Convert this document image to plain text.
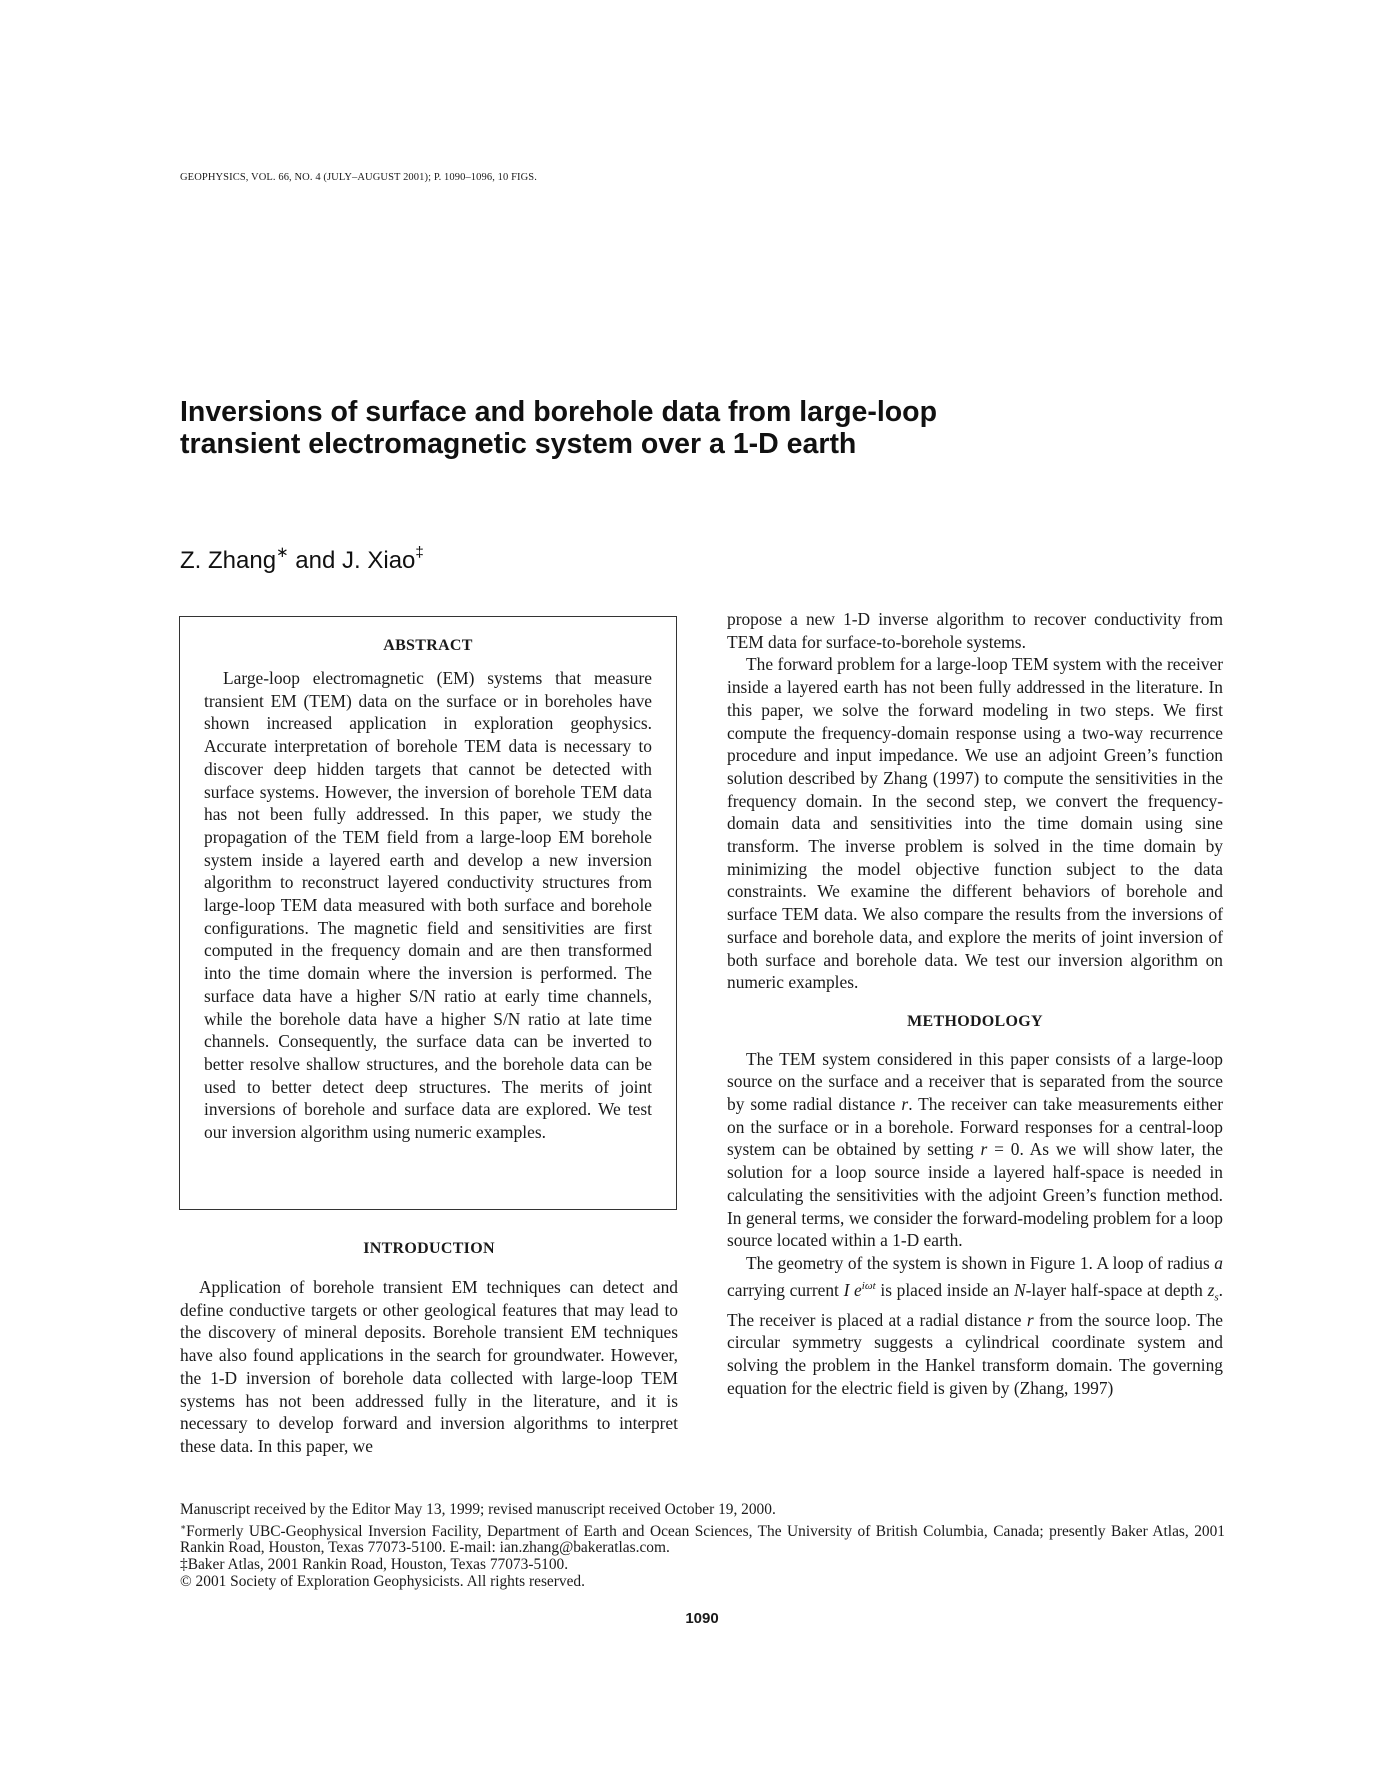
GEOPHYSICS, VOL. 66, NO. 4 (JULY–AUGUST 2001); P. 1090–1096, 10 FIGS.
Inversions of surface and borehole data from large-loop
transient electromagnetic system over a 1-D earth
Z. Zhang∗ and J. Xiao‡
ABSTRACT

Large-loop electromagnetic (EM) systems that measure transient EM (TEM) data on the surface or in boreholes have shown increased application in exploration geophysics. Accurate interpretation of borehole TEM data is necessary to discover deep hidden targets that cannot be detected with surface systems. However, the inversion of borehole TEM data has not been fully addressed. In this paper, we study the propagation of the TEM field from a large-loop EM borehole system inside a layered earth and develop a new inversion algorithm to reconstruct layered conductivity structures from large-loop TEM data measured with both surface and borehole configurations. The magnetic field and sensitivities are first computed in the frequency domain and are then transformed into the time domain where the inversion is performed. The surface data have a higher S/N ratio at early time channels, while the borehole data have a higher S/N ratio at late time channels. Consequently, the surface data can be inverted to better resolve shallow structures, and the borehole data can be used to better detect deep structures. The merits of joint inversions of borehole and surface data are explored. We test our inversion algorithm using numeric examples.

INTRODUCTION

Application of borehole transient EM techniques can detect and define conductive targets or other geological features that may lead to the discovery of mineral deposits. Borehole transient EM techniques have also found applications in the search for groundwater. However, the 1-D inversion of borehole data collected with large-loop TEM systems has not been addressed fully in the literature, and it is necessary to develop forward and inversion algorithms to interpret these data. In this paper, we

propose a new 1-D inverse algorithm to recover conductivity from TEM data for surface-to-borehole systems.

The forward problem for a large-loop TEM system with the receiver inside a layered earth has not been fully addressed in the literature. In this paper, we solve the forward modeling in two steps. We first compute the frequency-domain response using a two-way recurrence procedure and input impedance. We use an adjoint Green’s function solution described by Zhang (1997) to compute the sensitivities in the frequency domain. In the second step, we convert the frequency-domain data and sensitivities into the time domain using sine transform. The inverse problem is solved in the time domain by minimizing the model objective function subject to the data constraints. We examine the different behaviors of borehole and surface TEM data. We also compare the results from the inversions of surface and borehole data, and explore the merits of joint inversion of both surface and borehole data. We test our inversion algorithm on numeric examples.

METHODOLOGY

The TEM system considered in this paper consists of a large-loop source on the surface and a receiver that is separated from the source by some radial distance r. The receiver can take measurements either on the surface or in a borehole. Forward responses for a central-loop system can be obtained by setting r = 0. As we will show later, the solution for a loop source inside a layered half-space is needed in calculating the sensitivities with the adjoint Green’s function method. In general terms, we consider the forward-modeling problem for a loop source located within a 1-D earth.

The geometry of the system is shown in Figure 1. A loop of radius a carrying current I $e^{i\omega t}$ is placed inside an N-layer half-space at depth $z_s$. The receiver is placed at a radial distance r from the source loop. The circular symmetry suggests a cylindrical coordinate system and solving the problem in the Hankel transform domain. The governing equation for the electric field is given by (Zhang, 1997)

Manuscript received by the Editor May 13, 1999; revised manuscript received October 19, 2000.
∗Formerly UBC-Geophysical Inversion Facility, Department of Earth and Ocean Sciences, The University of British Columbia, Canada; presently Baker Atlas, 2001 Rankin Road, Houston, Texas 77073-5100. E-mail: ian.zhang@bakeratlas.com.
‡Baker Atlas, 2001 Rankin Road, Houston, Texas 77073-5100.
© 2001 Society of Exploration Geophysicists. All rights reserved.
1090
